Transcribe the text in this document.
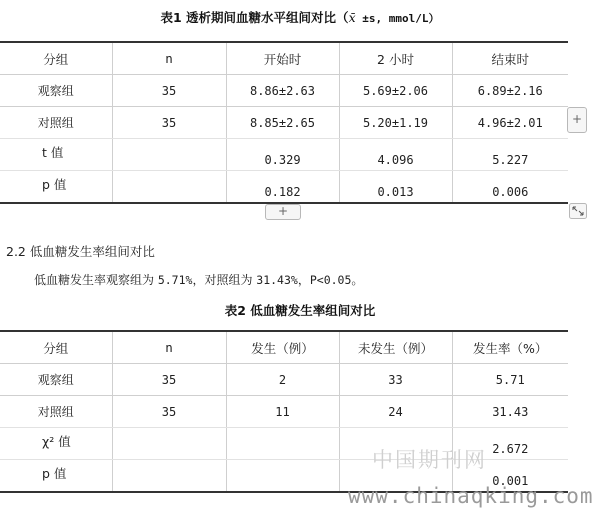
表1 透析期间血糖水平组间对比（x̄ ±s, mmol/L）
分组	n	开始时	2 小时	结束时
观察组	35	8.86±2.63	5.69±2.06	6.89±2.16
对照组	35	8.85±2.65	5.20±1.19	4.96±2.01

t 值		0.329	4.096	5.227

p 值		0.182	0.013	0.006
+
+
2.2 低血糖发生率组间对比
低血糖发生率观察组为 5.71%，对照组为 31.43%，P<0.05。
表2 低血糖发生率组间对比
分组	n	发生（例）	未发生（例）	发生率（%）
观察组	35	2	33	5.71
对照组	35	11	24	31.43

χ² 值				2.672

p 值				0.001
中国期刊网
www.chinaqking.com
